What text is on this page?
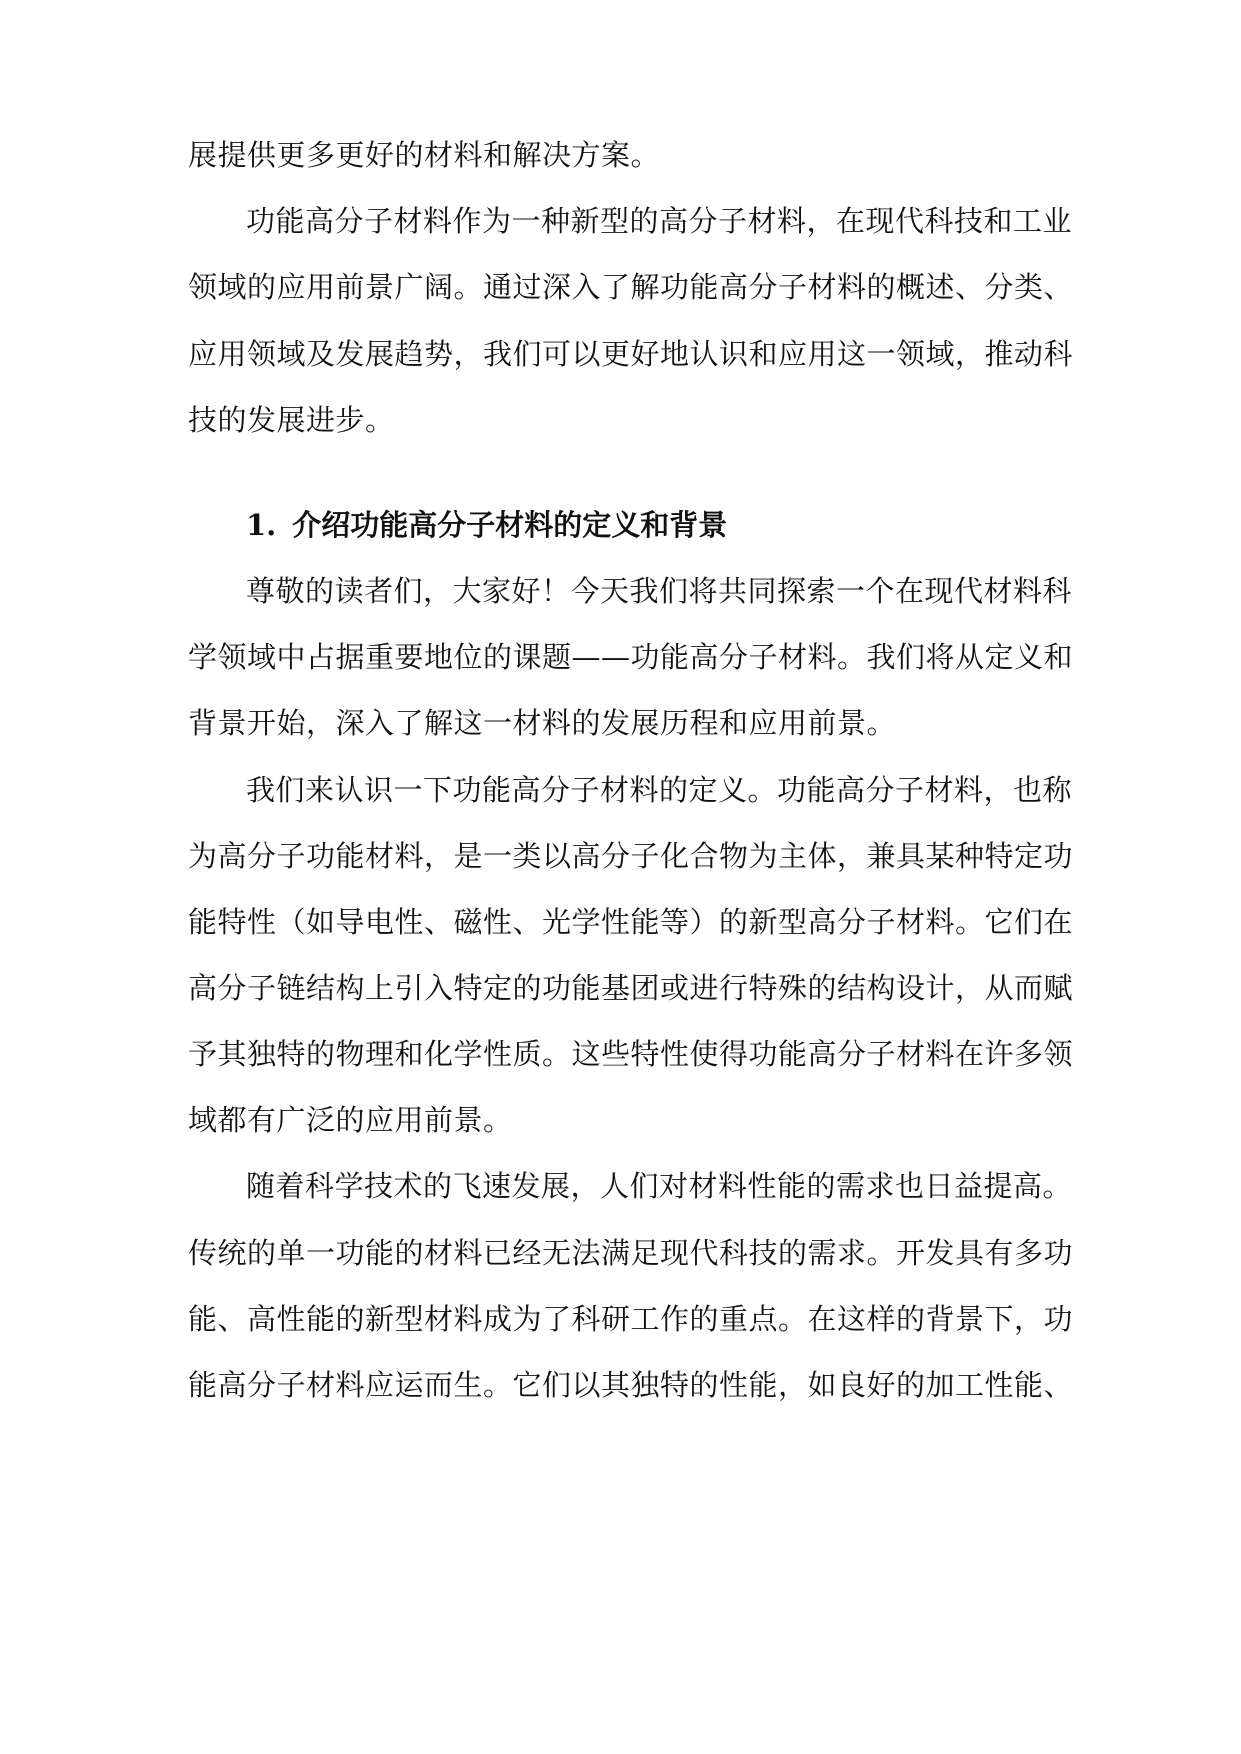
展提供更多更好的材料和解决方案。
功能高分子材料作为一种新型的高分子材料，在现代科技和工业
领域的应用前景广阔。通过深入了解功能高分子材料的概述、分类、
应用领域及发展趋势，我们可以更好地认识和应用这一领域，推动科
技的发展进步。
1. 介绍功能高分子材料的定义和背景
尊敬的读者们，大家好！今天我们将共同探索一个在现代材料科
学领域中占据重要地位的课题——功能高分子材料。我们将从定义和
背景开始，深入了解这一材料的发展历程和应用前景。
我们来认识一下功能高分子材料的定义。功能高分子材料，也称
为高分子功能材料，是一类以高分子化合物为主体，兼具某种特定功
能特性（如导电性、磁性、光学性能等）的新型高分子材料。它们在
高分子链结构上引入特定的功能基团或进行特殊的结构设计，从而赋
予其独特的物理和化学性质。这些特性使得功能高分子材料在许多领
域都有广泛的应用前景。
随着科学技术的飞速发展，人们对材料性能的需求也日益提高。
传统的单一功能的材料已经无法满足现代科技的需求。开发具有多功
能、高性能的新型材料成为了科研工作的重点。在这样的背景下，功
能高分子材料应运而生。它们以其独特的性能，如良好的加工性能、
